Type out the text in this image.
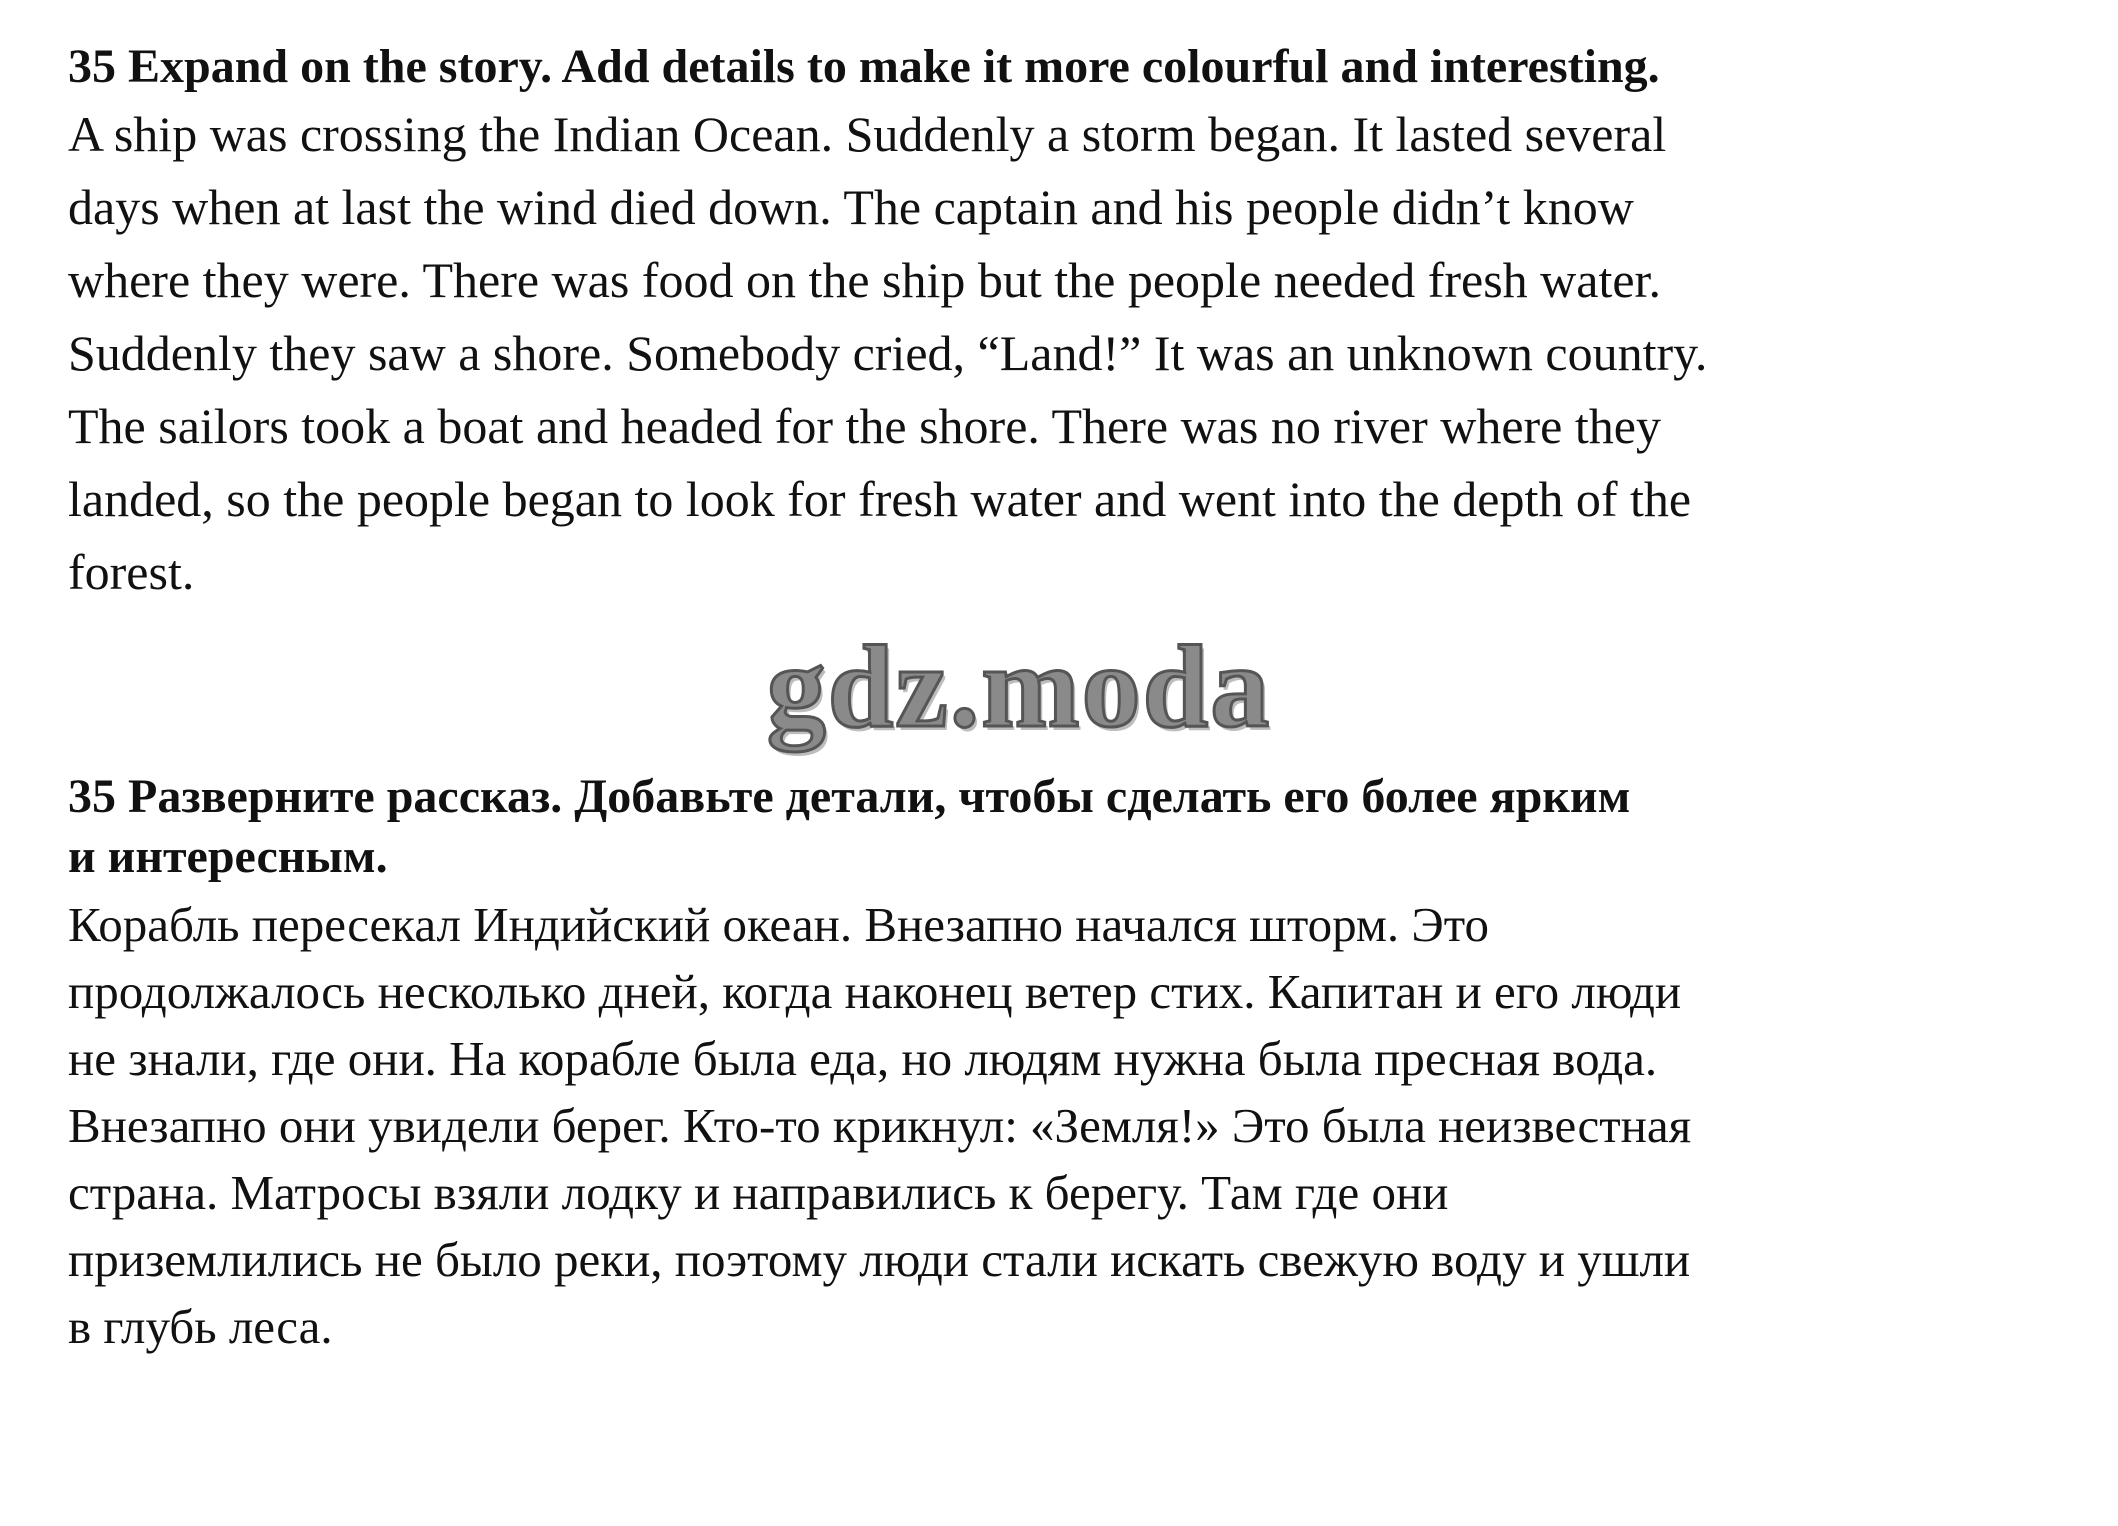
35 Expand on the story. Add details to make it more colourful and interesting.

A ship was crossing the Indian Ocean. Suddenly a storm began. It lasted several

days when at last the wind died down. The captain and his people didn’t know

where they were. There was food on the ship but the people needed fresh water.

Suddenly they saw a shore. Somebody cried, “Land!” It was an unknown country.

The sailors took a boat and headed for the shore. There was no river where they

landed, so the people began to look for fresh water and went into the depth of the

forest.

gdz.moda

35 Разверните рассказ. Добавьте детали, чтобы сделать его более ярким

и интересным.

Корабль пересекал Индийский океан. Внезапно начался шторм. Это

продолжалось несколько дней, когда наконец ветер стих. Капитан и его люди

не знали, где они. На корабле была еда, но людям нужна была пресная вода.

Внезапно они увидели берег. Кто-то крикнул: «Земля!» Это была неизвестная

страна. Матросы взяли лодку и направились к берегу. Там где они

приземлились не было реки, поэтому люди стали искать свежую воду и ушли

в глубь леса.
